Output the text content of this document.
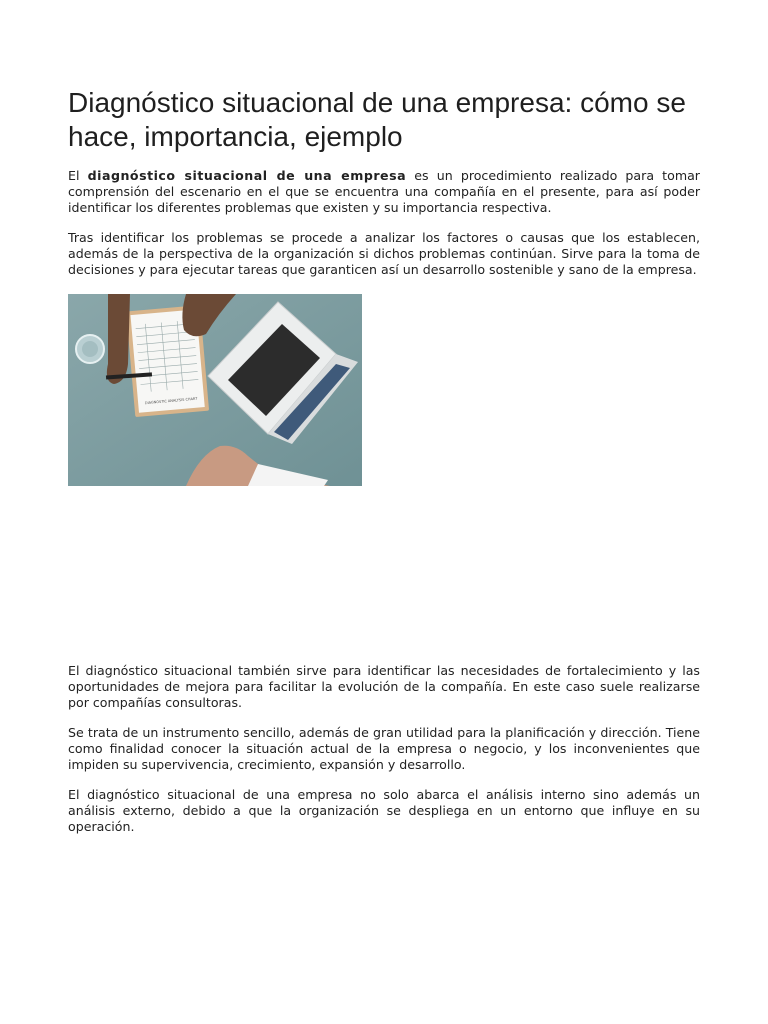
Diagnóstico situacional de una empresa: cómo se hace, importancia, ejemplo

El diagnóstico situacional de una empresa es un procedimiento realizado para tomar comprensión del escenario en el que se encuentra una compañía en el presente, para así poder identificar los diferentes problemas que existen y su importancia respectiva.

Tras identificar los problemas se procede a analizar los factores o causas que los establecen, además de la perspectiva de la organización si dichos problemas continúan. Sirve para la toma de decisiones y para ejecutar tareas que garanticen así un desarrollo sostenible y sano de la empresa.

DIAGNOSTIC ANALYSIS CHART

El diagnóstico situacional también sirve para identificar las necesidades de fortalecimiento y las oportunidades de mejora para facilitar la evolución de la compañía. En este caso suele realizarse por compañías consultoras.

Se trata de un instrumento sencillo, además de gran utilidad para la planificación y dirección. Tiene como finalidad conocer la situación actual de la empresa o negocio, y los inconvenientes que impiden su supervivencia, crecimiento, expansión y desarrollo.

El diagnóstico situacional de una empresa no solo abarca el análisis interno sino además un análisis externo, debido a que la organización se despliega en un entorno que influye en su operación.
